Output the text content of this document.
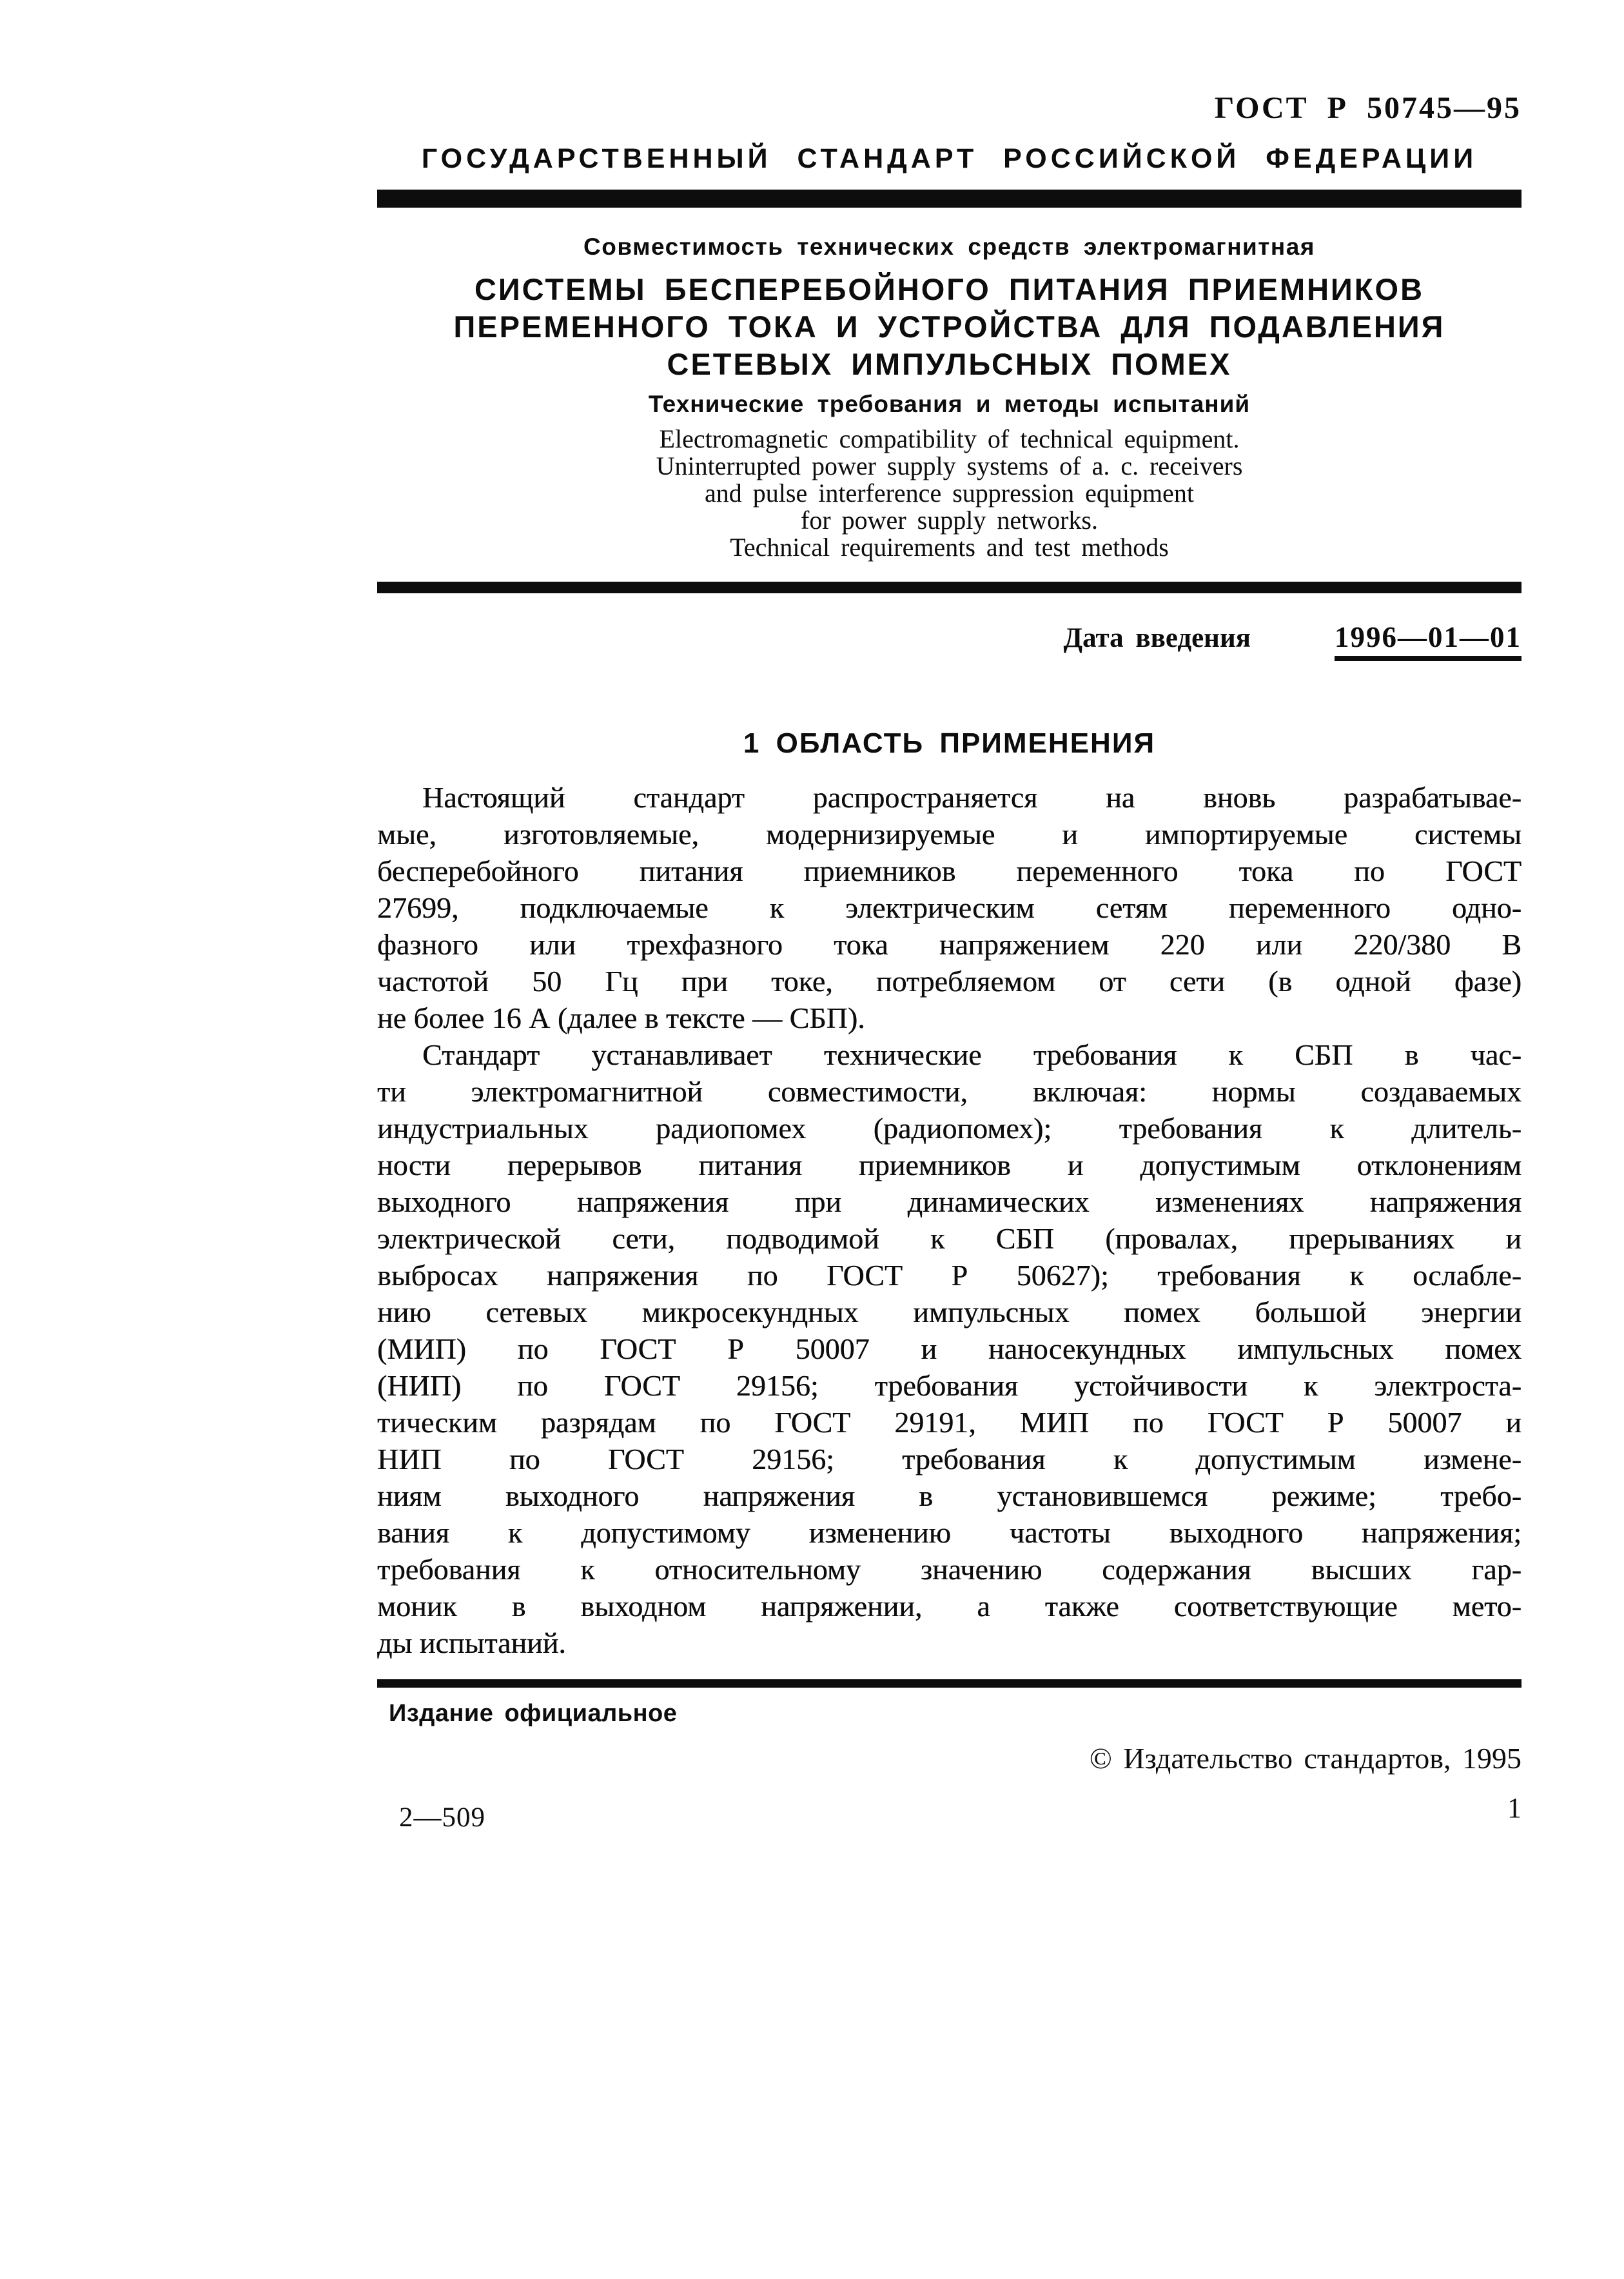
ГОСТ Р 50745—95
ГОСУДАРСТВЕННЫЙ СТАНДАРТ РОССИЙСКОЙ ФЕДЕРАЦИИ
Совместимость технических средств электромагнитная
СИСТЕМЫ БЕСПЕРЕБОЙНОГО ПИТАНИЯ ПРИЕМНИКОВ
ПЕРЕМЕННОГО ТОКА И УСТРОЙСТВА ДЛЯ ПОДАВЛЕНИЯ
СЕТЕВЫХ ИМПУЛЬСНЫХ ПОМЕХ
Технические требования и методы испытаний
Electromagnetic compatibility of technical equipment.
Uninterrupted power supply systems of a. c. receivers
and pulse interference suppression equipment
for power supply networks.
Technical requirements and test methods
Дата введения	1996—01—01
1 ОБЛАСТЬ ПРИМЕНЕНИЯ
Настоящий стандарт распространяется на вновь разрабатывае-
мые, изготовляемые, модернизируемые и импортируемые системы
бесперебойного питания приемников переменного тока по ГОСТ
27699, подключаемые к электрическим сетям переменного одно-
фазного или трехфазного тока напряжением 220 или 220/380 В
частотой 50 Гц при токе, потребляемом от сети (в одной фазе)
не более 16 А (далее в тексте — СБП).
Стандарт устанавливает технические требования к СБП в час-
ти электромагнитной совместимости, включая: нормы создаваемых
индустриальных радиопомех (радиопомех); требования к длитель-
ности перерывов питания приемников и допустимым отклонениям
выходного напряжения при динамических изменениях напряжения
электрической сети, подводимой к СБП (провалах, прерываниях и
выбросах напряжения по ГОСТ Р 50627); требования к ослабле-
нию сетевых микросекундных импульсных помех большой энергии
(МИП) по ГОСТ Р 50007 и наносекундных импульсных помех
(НИП) по ГОСТ 29156; требования устойчивости к электроста-
тическим разрядам по ГОСТ 29191, МИП по ГОСТ Р 50007 и
НИП по ГОСТ 29156; требования к допустимым измене-
ниям выходного напряжения в установившемся режиме; требо-
вания к допустимому изменению частоты выходного напряжения;
требования к относительному значению содержания высших гар-
моник в выходном напряжении, а также соответствующие мето-
ды испытаний.
Издание официальное
© Издательство стандартов, 1995
2—509	1
